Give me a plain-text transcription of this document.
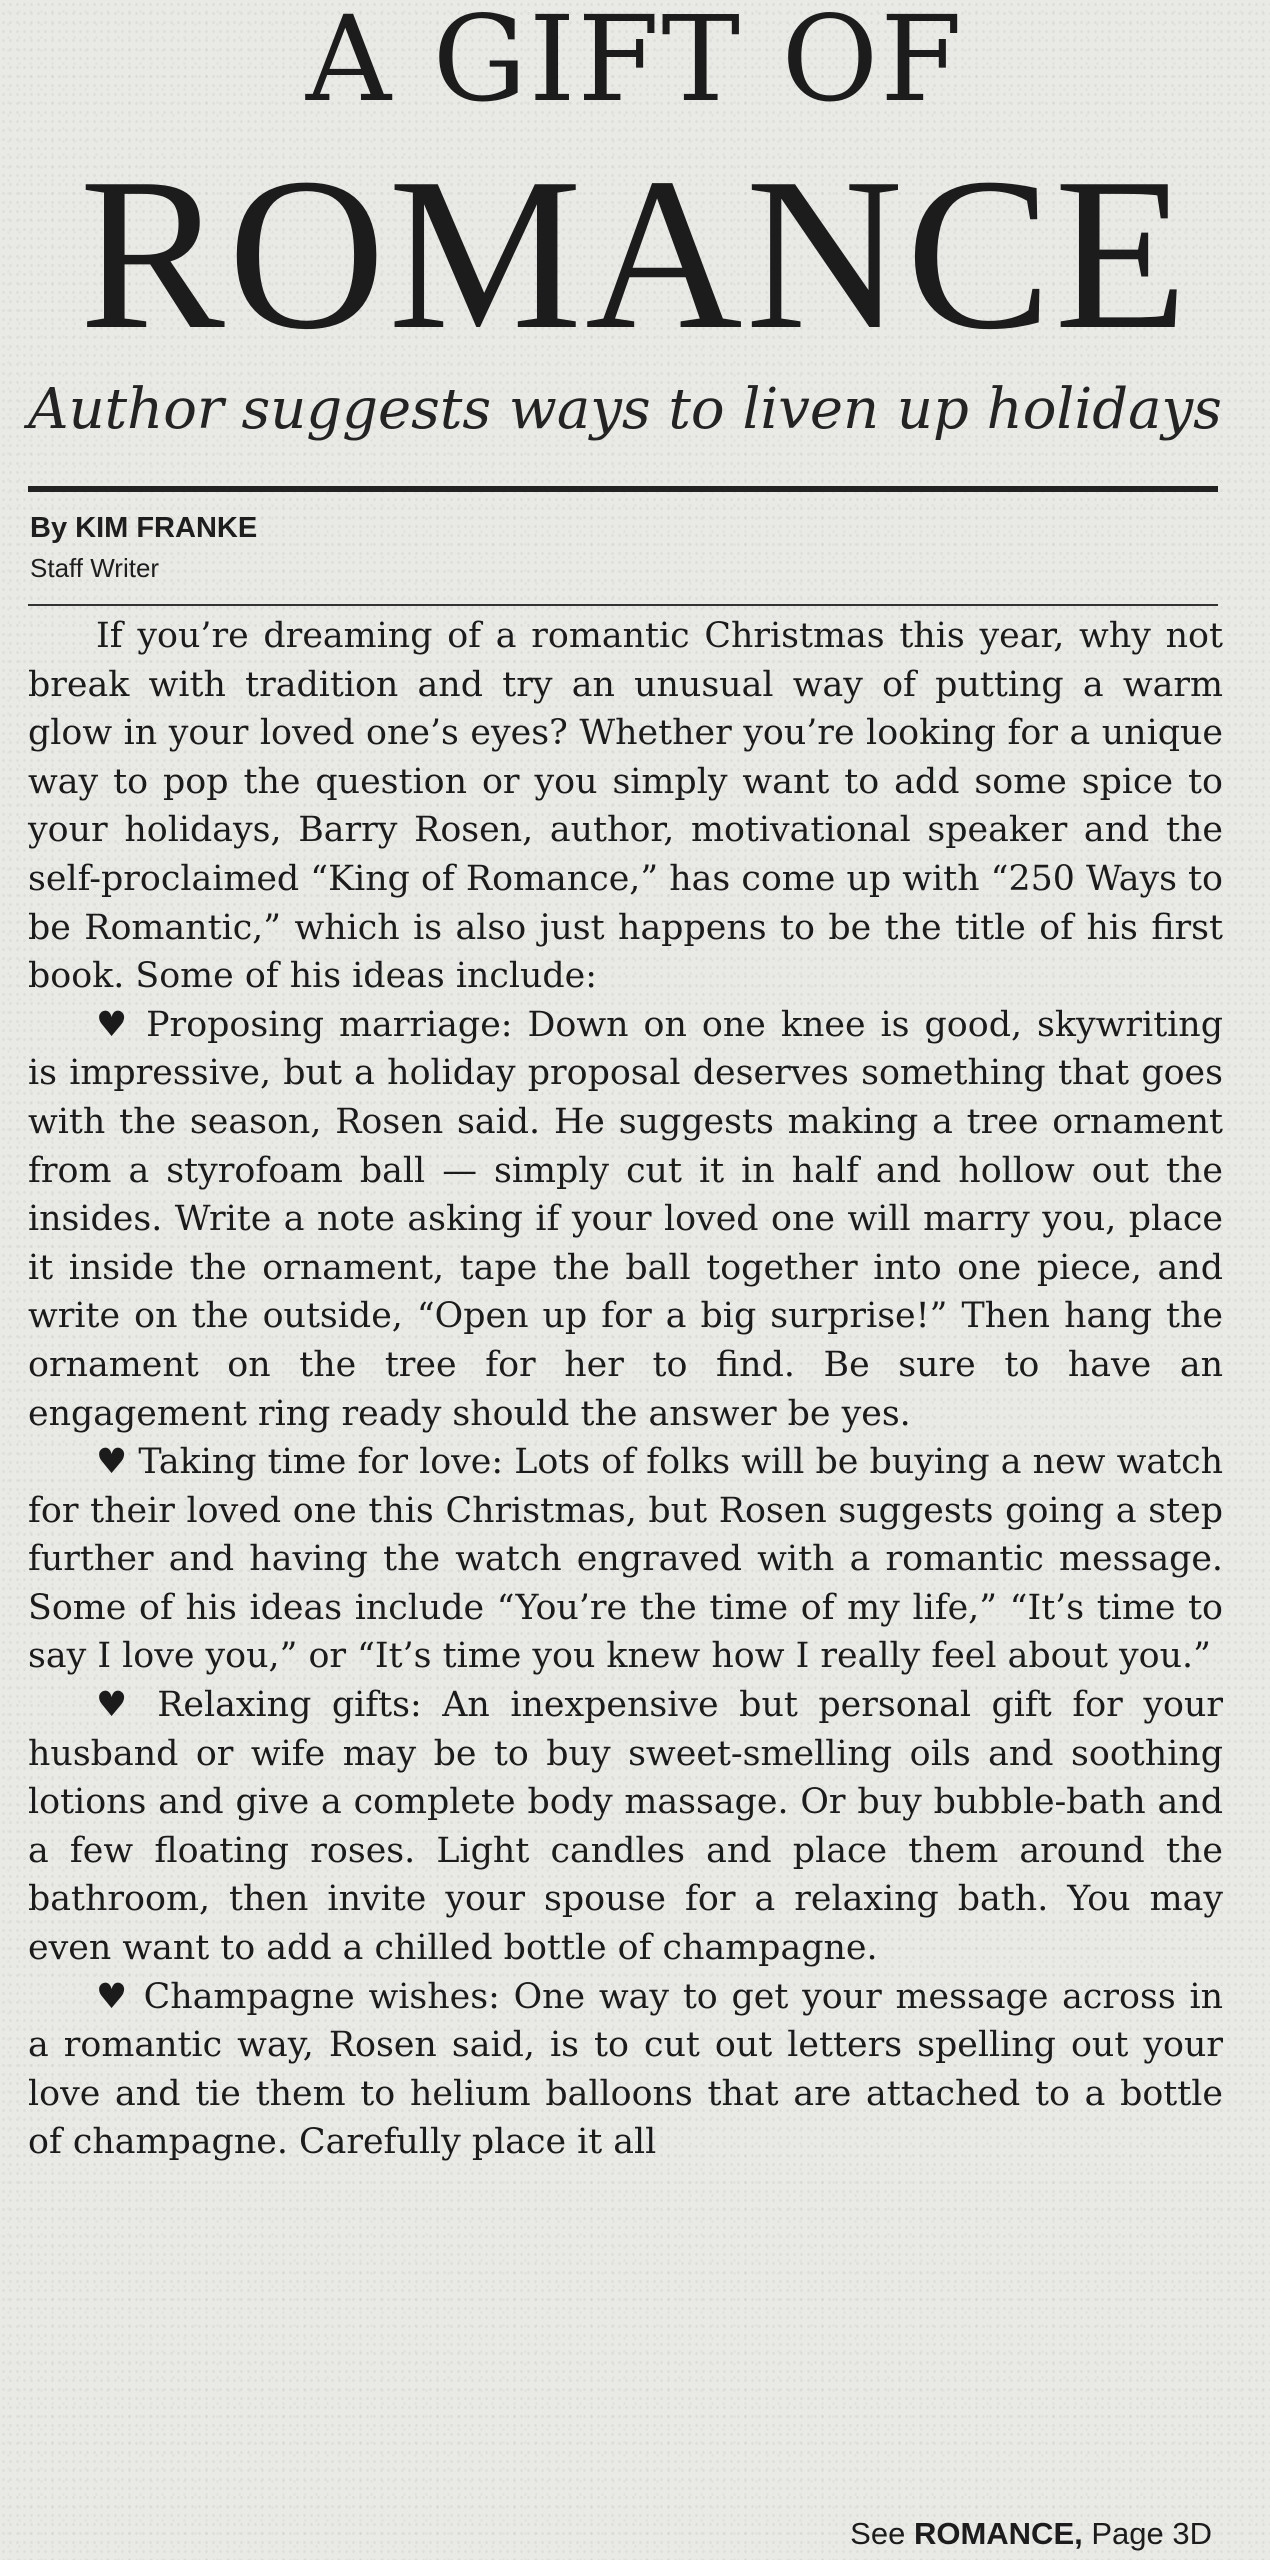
A GIFT OF
ROMANCE
Author suggests ways to liven up holidays
By KIM FRANKE
Staff Writer

If you’re dreaming of a romantic Christmas this year, why not break with tradition and try an unusual way of putting a warm glow in your loved one’s eyes? Whether you’re looking for a unique way to pop the question or you simply want to add some spice to your holidays, Barry Rosen, author, motivational speaker and the self-proclaimed “King of Romance,” has come up with “250 Ways to be Romantic,” which is also just happens to be the title of his first book. Some of his ideas include:

♥ Proposing marriage: Down on one knee is good, skywriting is impressive, but a holiday proposal deserves something that goes with the season, Rosen said. He suggests making a tree ornament from a styrofoam ball — simply cut it in half and hollow out the insides. Write a note asking if your loved one will marry you, place it inside the ornament, tape the ball together into one piece, and write on the outside, “Open up for a big surprise!” Then hang the ornament on the tree for her to find. Be sure to have an engagement ring ready should the answer be yes.

♥ Taking time for love: Lots of folks will be buying a new watch for their loved one this Christmas, but Rosen suggests going a step further and having the watch engraved with a romantic message. Some of his ideas include “You’re the time of my life,” “It’s time to say I love you,” or “It’s time you knew how I really feel about you.”

♥ Relaxing gifts: An inexpensive but personal gift for your husband or wife may be to buy sweet-smelling oils and soothing lotions and give a complete body massage. Or buy bubble-bath and a few floating roses. Light candles and place them around the bathroom, then invite your spouse for a relaxing bath. You may even want to add a chilled bottle of champagne.

♥ Champagne wishes: One way to get your message across in a romantic way, Rosen said, is to cut out letters spelling out your love and tie them to helium balloons that are attached to a bottle of champagne. Carefully place it all

See ROMANCE, Page 3D
